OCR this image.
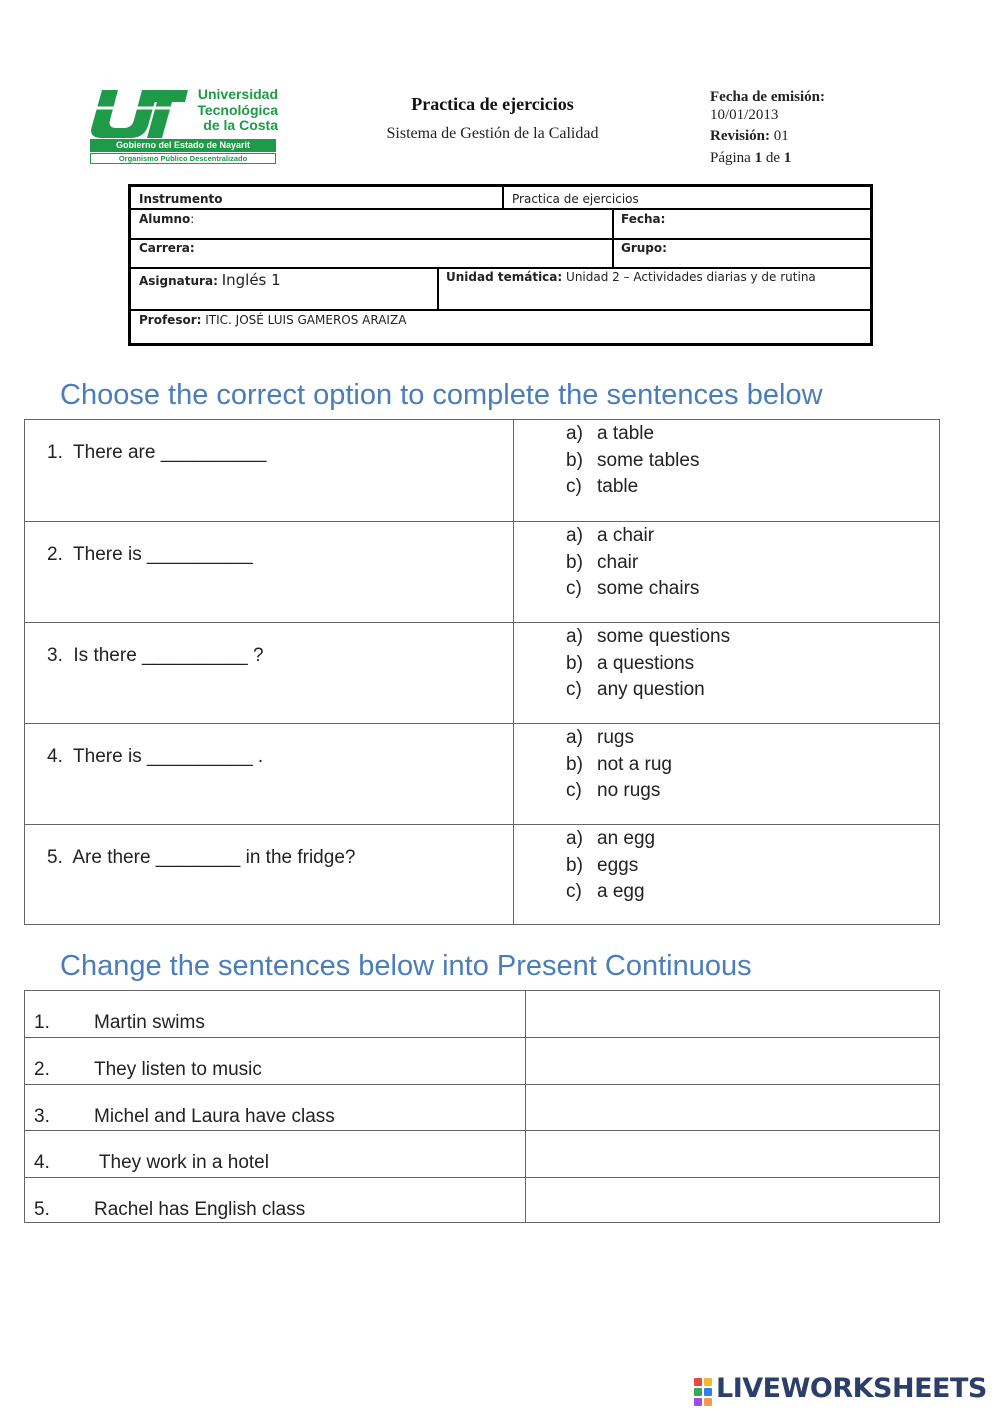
Universidad
Tecnológica
de la Costa
Gobierno del Estado de Nayarit
Organismo Público Descentralizado
Practica de ejercicios
Sistema de Gestión de la Calidad
Fecha de emisión:
10/01/2013
Revisión: 01
Página 1 de 1
Instrumento	Practica de ejercicios
Alumno:	Fecha:
Carrera:	Grupo:
Asignatura: Inglés 1	Unidad temática: Unidad 2 – Actividades diarias y de rutina
Profesor: ITIC. JOSÉ LUIS GAMEROS ARAIZA
Choose the correct option to complete the sentences below
1.  There are __________
a) a table
b) some tables
c) table
2.  There is __________
a) a chair
b) chair
c) some chairs
3.  Is there __________ ?
a) some questions
b) a questions
c) any question
4.  There is __________ .
a) rugs
b) not a rug
c) no rugs
5.  Are there ________ in the fridge?
a) an egg
b) eggs
c) a egg
Change the sentences below into Present Continuous
1. Martin swims
2. They listen to music
3. Michel and Laura have class
4. They work in a hotel
5. Rachel has English class
LIVEWORKSHEETS
